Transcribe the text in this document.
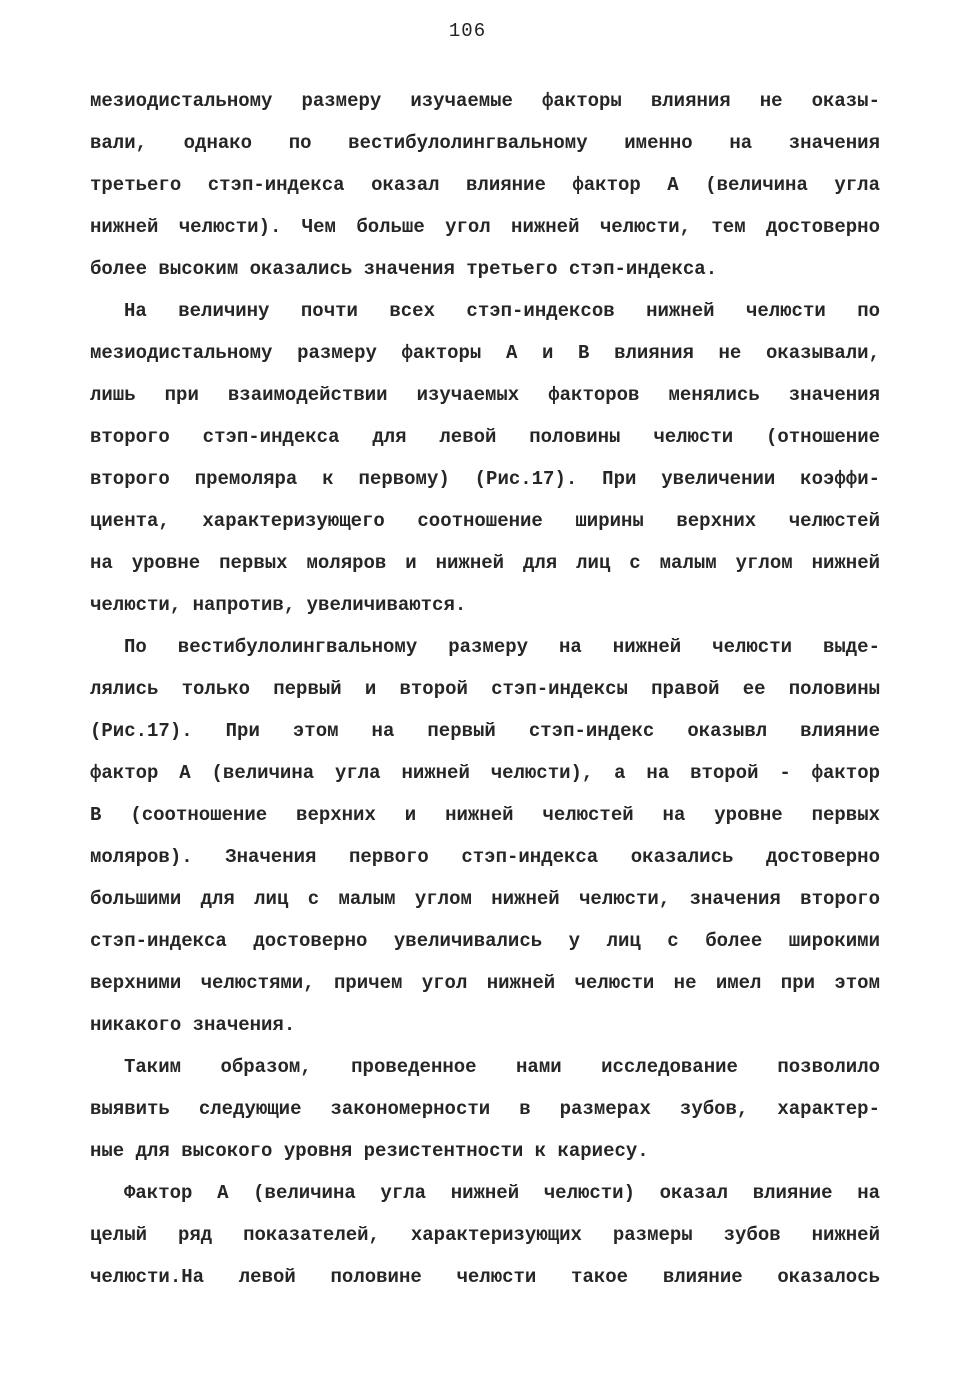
106
мезиодистальному размеру изучаемые факторы влияния не оказы-
вали, однако по вестибулолингвальному именно на значения
третьего стэп-индекса оказал влияние фактор А (величина угла
нижней челюсти). Чем больше угол нижней челюсти, тем достоверно
более высоким оказались значения третьего стэп-индекса.
На величину почти всех стэп-индексов нижней челюсти по
мезиодистальному размеру факторы А и В влияния не оказывали,
лишь при взаимодействии изучаемых факторов менялись значения
второго стэп-индекса для левой половины челюсти (отношение
второго премоляра к первому) (Рис.17). При увеличении коэффи-
циента, характеризующего соотношение ширины верхних челюстей
на уровне первых моляров и нижней для лиц с малым углом нижней
челюсти, напротив, увеличиваются.
По вестибулолингвальному размеру на нижней челюсти выде-
лялись только первый и второй стэп-индексы правой ее половины
(Рис.17). При этом на первый стэп-индекс оказывл влияние
фактор А (величина угла нижней челюсти), а на второй - фактор
В (соотношение верхних и нижней челюстей на уровне первых
моляров). Значения первого стэп-индекса оказались достоверно
большими для лиц с малым углом нижней челюсти, значения второго
стэп-индекса достоверно увеличивались у лиц с более широкими
верхними челюстями, причем угол нижней челюсти не имел при этом
никакого значения.
Таким образом, проведенное нами исследование позволило
выявить следующие закономерности в размерах зубов, характер-
ные для высокого уровня резистентности к кариесу.
Фактор А (величина угла нижней челюсти) оказал влияние на
целый ряд показателей, характеризующих размеры зубов нижней
челюсти.На левой половине челюсти такое влияние оказалось
